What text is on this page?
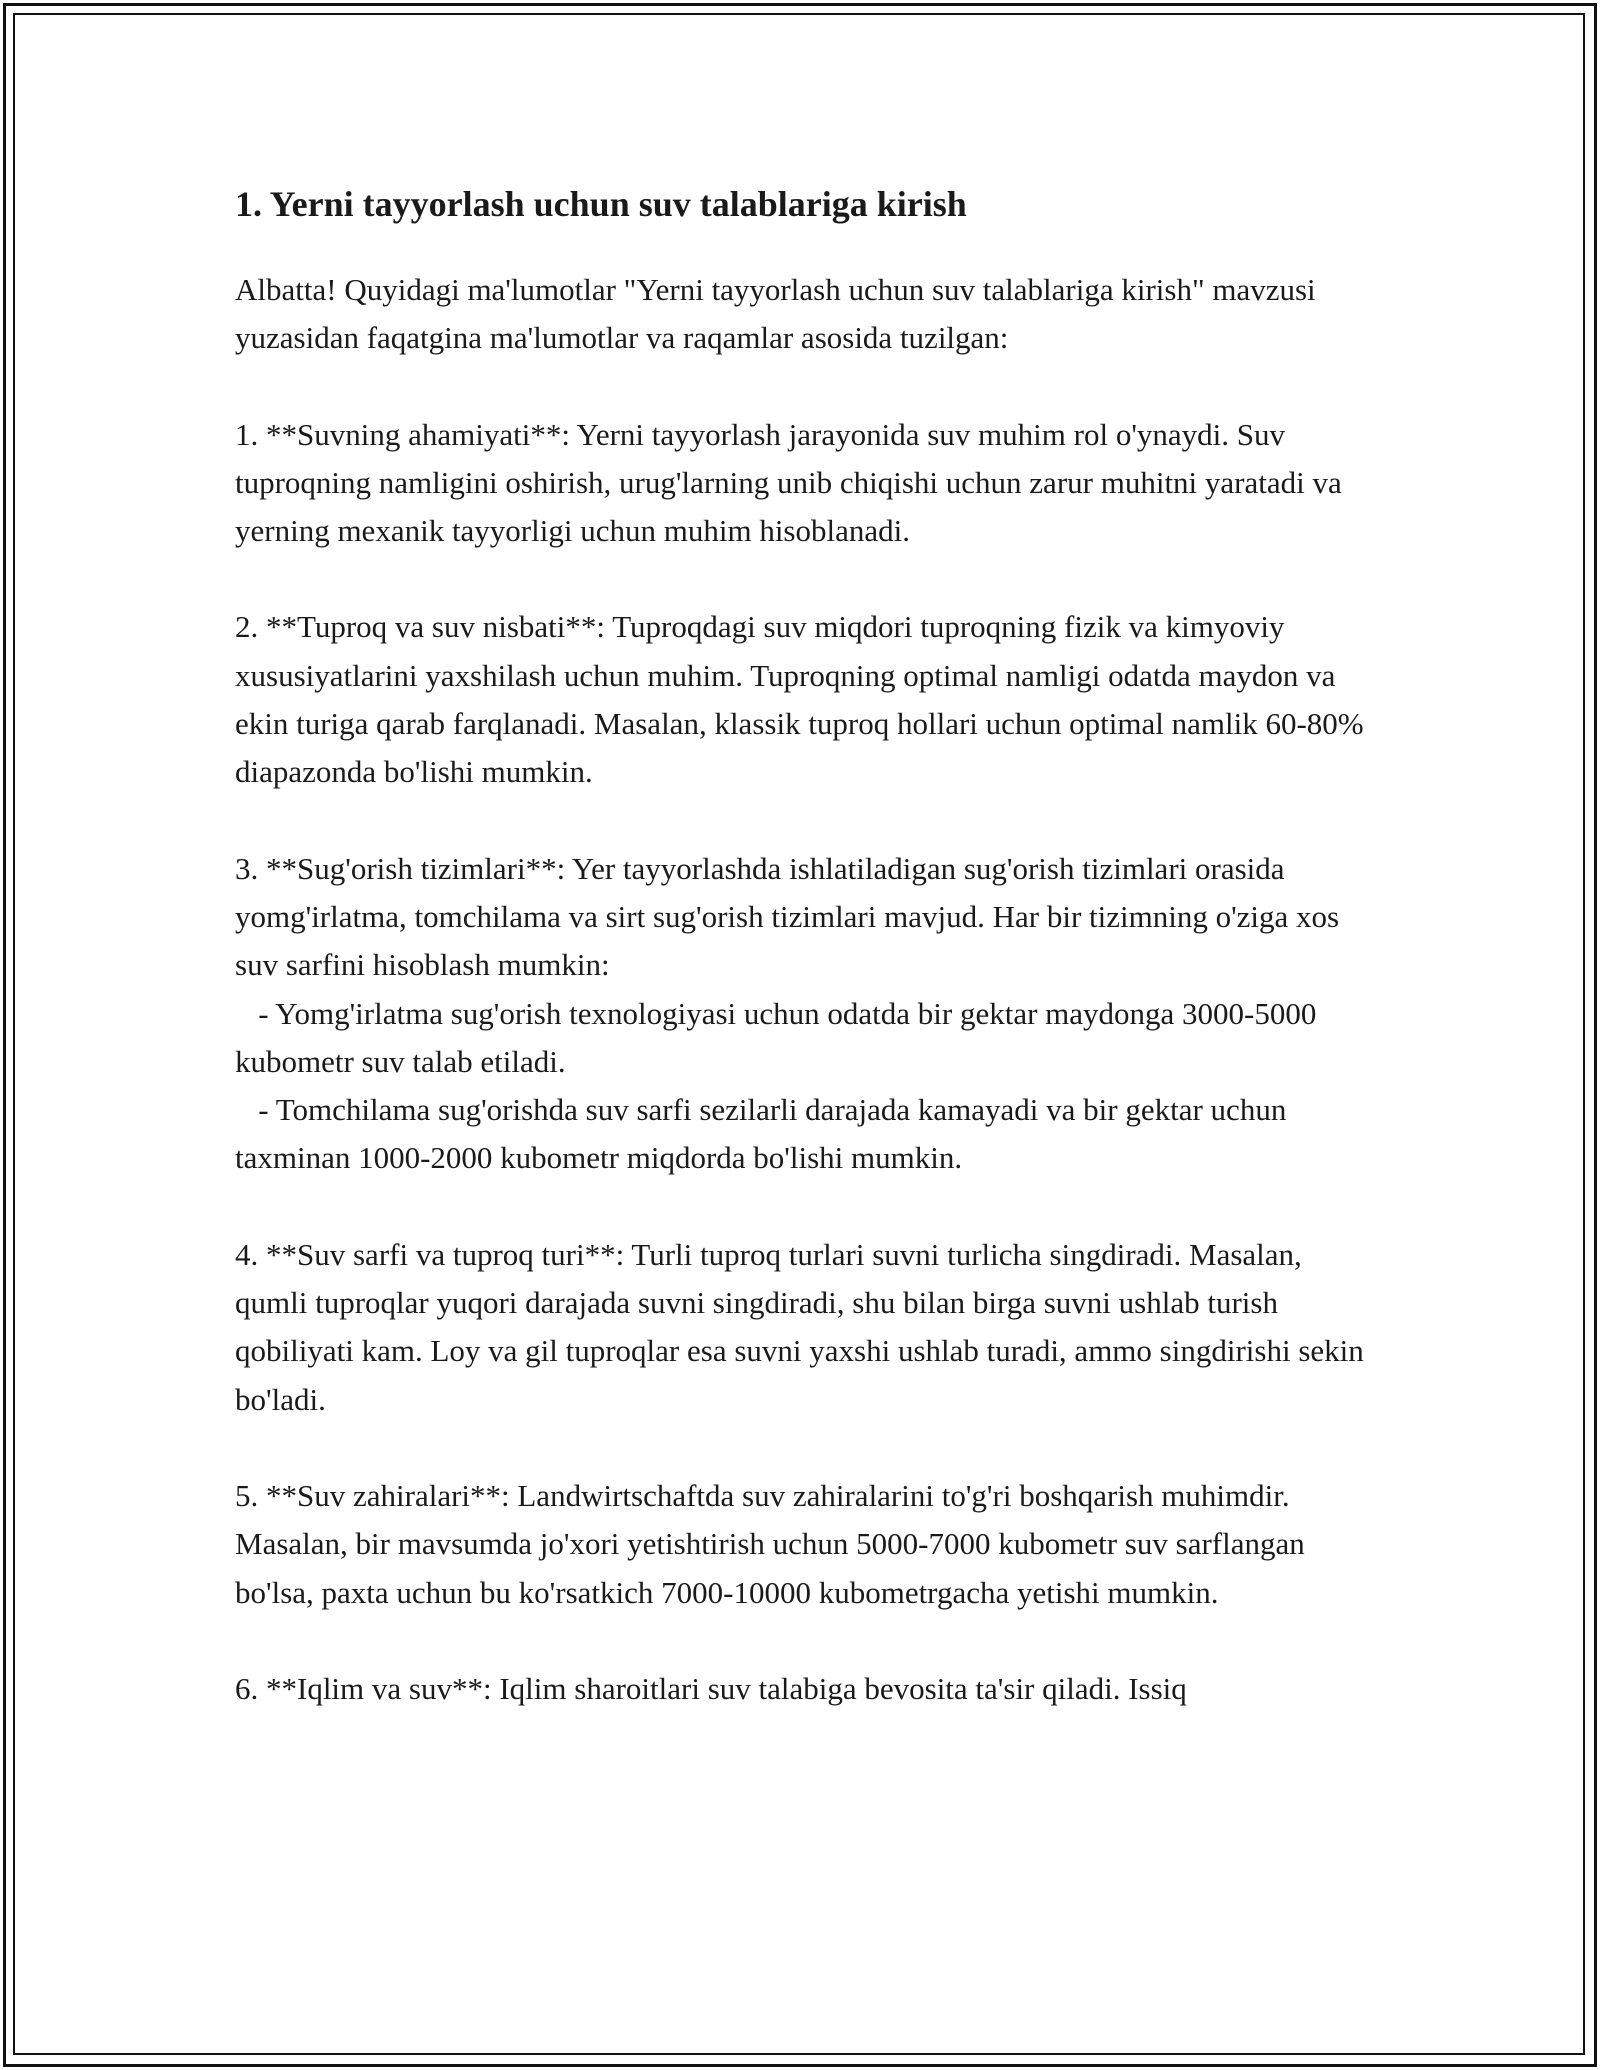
1. Yerni tayyorlash uchun suv talablariga kirish

Albatta! Quyidagi ma'lumotlar "Yerni tayyorlash uchun suv talablariga kirish" mavzusi yuzasidan faqatgina ma'lumotlar va raqamlar asosida tuzilgan:

1. **Suvning ahamiyati**: Yerni tayyorlash jarayonida suv muhim rol o'ynaydi. Suv tuproqning namligini oshirish, urug'larning unib chiqishi uchun zarur muhitni yaratadi va yerning mexanik tayyorligi uchun muhim hisoblanadi.

2. **Tuproq va suv nisbati**: Tuproqdagi suv miqdori tuproqning fizik va kimyoviy xususiyatlarini yaxshilash uchun muhim. Tuproqning optimal namligi odatda maydon va ekin turiga qarab farqlanadi. Masalan, klassik tuproq hollari uchun optimal namlik 60-80% diapazonda bo'lishi mumkin.

3. **Sug'orish tizimlari**: Yer tayyorlashda ishlatiladigan sug'orish tizimlari orasida yomg'irlatma, tomchilama va sirt sug'orish tizimlari mavjud. Har bir tizimning o'ziga xos suv sarfini hisoblash mumkin:
- Yomg'irlatma sug'orish texnologiyasi uchun odatda bir gektar maydonga 3000-5000 kubometr suv talab etiladi.
- Tomchilama sug'orishda suv sarfi sezilarli darajada kamayadi va bir gektar uchun taxminan 1000-2000 kubometr miqdorda bo'lishi mumkin.

4. **Suv sarfi va tuproq turi**: Turli tuproq turlari suvni turlicha singdiradi. Masalan, qumli tuproqlar yuqori darajada suvni singdiradi, shu bilan birga suvni ushlab turish qobiliyati kam. Loy va gil tuproqlar esa suvni yaxshi ushlab turadi, ammo singdirishi sekin bo'ladi.

5. **Suv zahiralari**: Landwirtschaftda suv zahiralarini to'g'ri boshqarish muhimdir. Masalan, bir mavsumda jo'xori yetishtirish uchun 5000-7000 kubometr suv sarflangan bo'lsa, paxta uchun bu ko'rsatkich 7000-10000 kubometrgacha yetishi mumkin.

6. **Iqlim va suv**: Iqlim sharoitlari suv talabiga bevosita ta'sir qiladi. Issiq
